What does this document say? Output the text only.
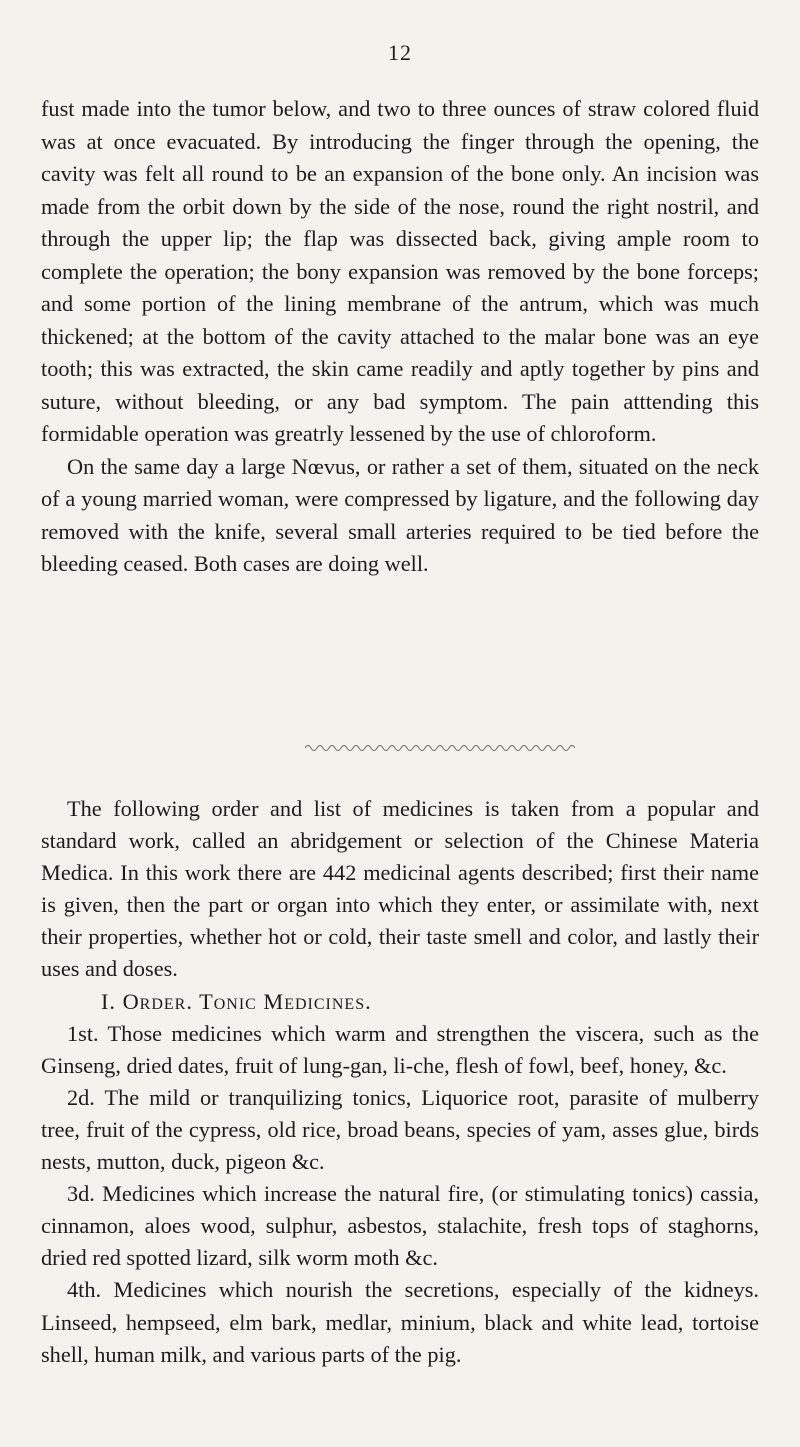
12

fust made into the tumor below, and two to three ounces of straw colored fluid was at once evacuated. By introducing the finger through the opening, the cavity was felt all round to be an expansion of the bone only. An incision was made from the orbit down by the side of the nose, round the right nostril, and through the upper lip; the flap was dissected back, giving ample room to complete the operation; the bony expansion was removed by the bone forceps; and some portion of the lining membrane of the antrum, which was much thickened; at the bottom of the cavity attached to the malar bone was an eye tooth; this was extracted, the skin came readily and aptly together by pins and suture, without bleeding, or any bad symptom. The pain atttending this formidable operation was greatrly lessened by the use of chloroform.

On the same day a large Nœvus, or rather a set of them, situated on the neck of a young married woman, were compressed by ligature, and the following day removed with the knife, several small arteries required to be tied before the bleeding ceased. Both cases are doing well.

The following order and list of medicines is taken from a popular and standard work, called an abridgement or selection of the Chinese Materia Medica. In this work there are 442 medicinal agents described; first their name is given, then the part or organ into which they enter, or assimilate with, next their properties, whether hot or cold, their taste smell and color, and lastly their uses and doses.

I. Order. Tonic Medicines.

1st. Those medicines which warm and strengthen the viscera, such as the Ginseng, dried dates, fruit of lung-gan, li-che, flesh of fowl, beef, honey, &c.

2d. The mild or tranquilizing tonics, Liquorice root, parasite of mulberry tree, fruit of the cypress, old rice, broad beans, species of yam, asses glue, birds nests, mutton, duck, pigeon &c.

3d. Medicines which increase the natural fire, (or stimulating tonics) cassia, cinnamon, aloes wood, sulphur, asbestos, stalachite, fresh tops of staghorns, dried red spotted lizard, silk worm moth &c.

4th. Medicines which nourish the secretions, especially of the kidneys. Linseed, hempseed, elm bark, medlar, minium, black and white lead, tortoise shell, human milk, and various parts of the pig.
